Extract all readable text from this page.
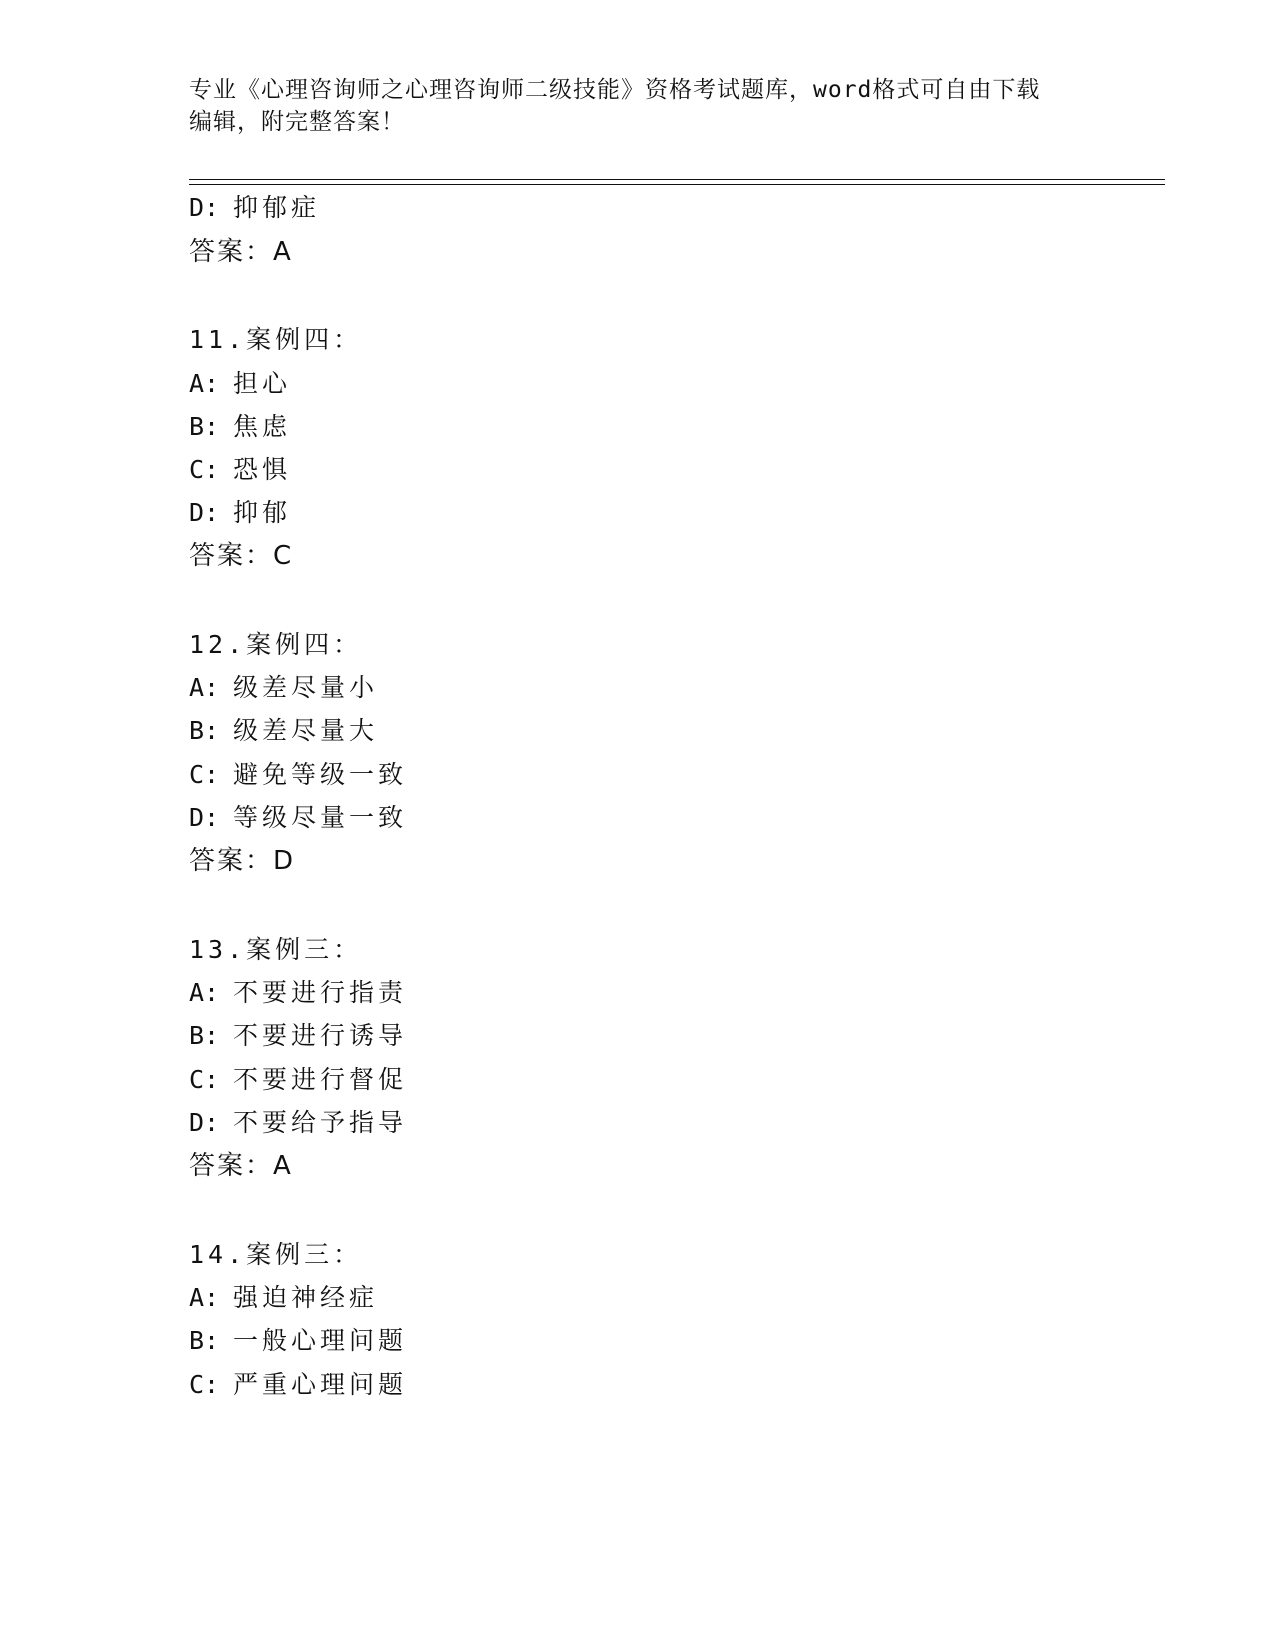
专业《心理咨询师之心理咨询师二级技能》资格考试题库，word格式可自由下载
编辑，附完整答案！
D: 抑郁症
答案：A
11.案例四：
A: 担心
B: 焦虑
C: 恐惧
D: 抑郁
答案：C
12.案例四：
A: 级差尽量小
B: 级差尽量大
C: 避免等级一致
D: 等级尽量一致
答案：D
13.案例三：
A: 不要进行指责
B: 不要进行诱导
C: 不要进行督促
D: 不要给予指导
答案：A
14.案例三：
A: 强迫神经症
B: 一般心理问题
C: 严重心理问题
